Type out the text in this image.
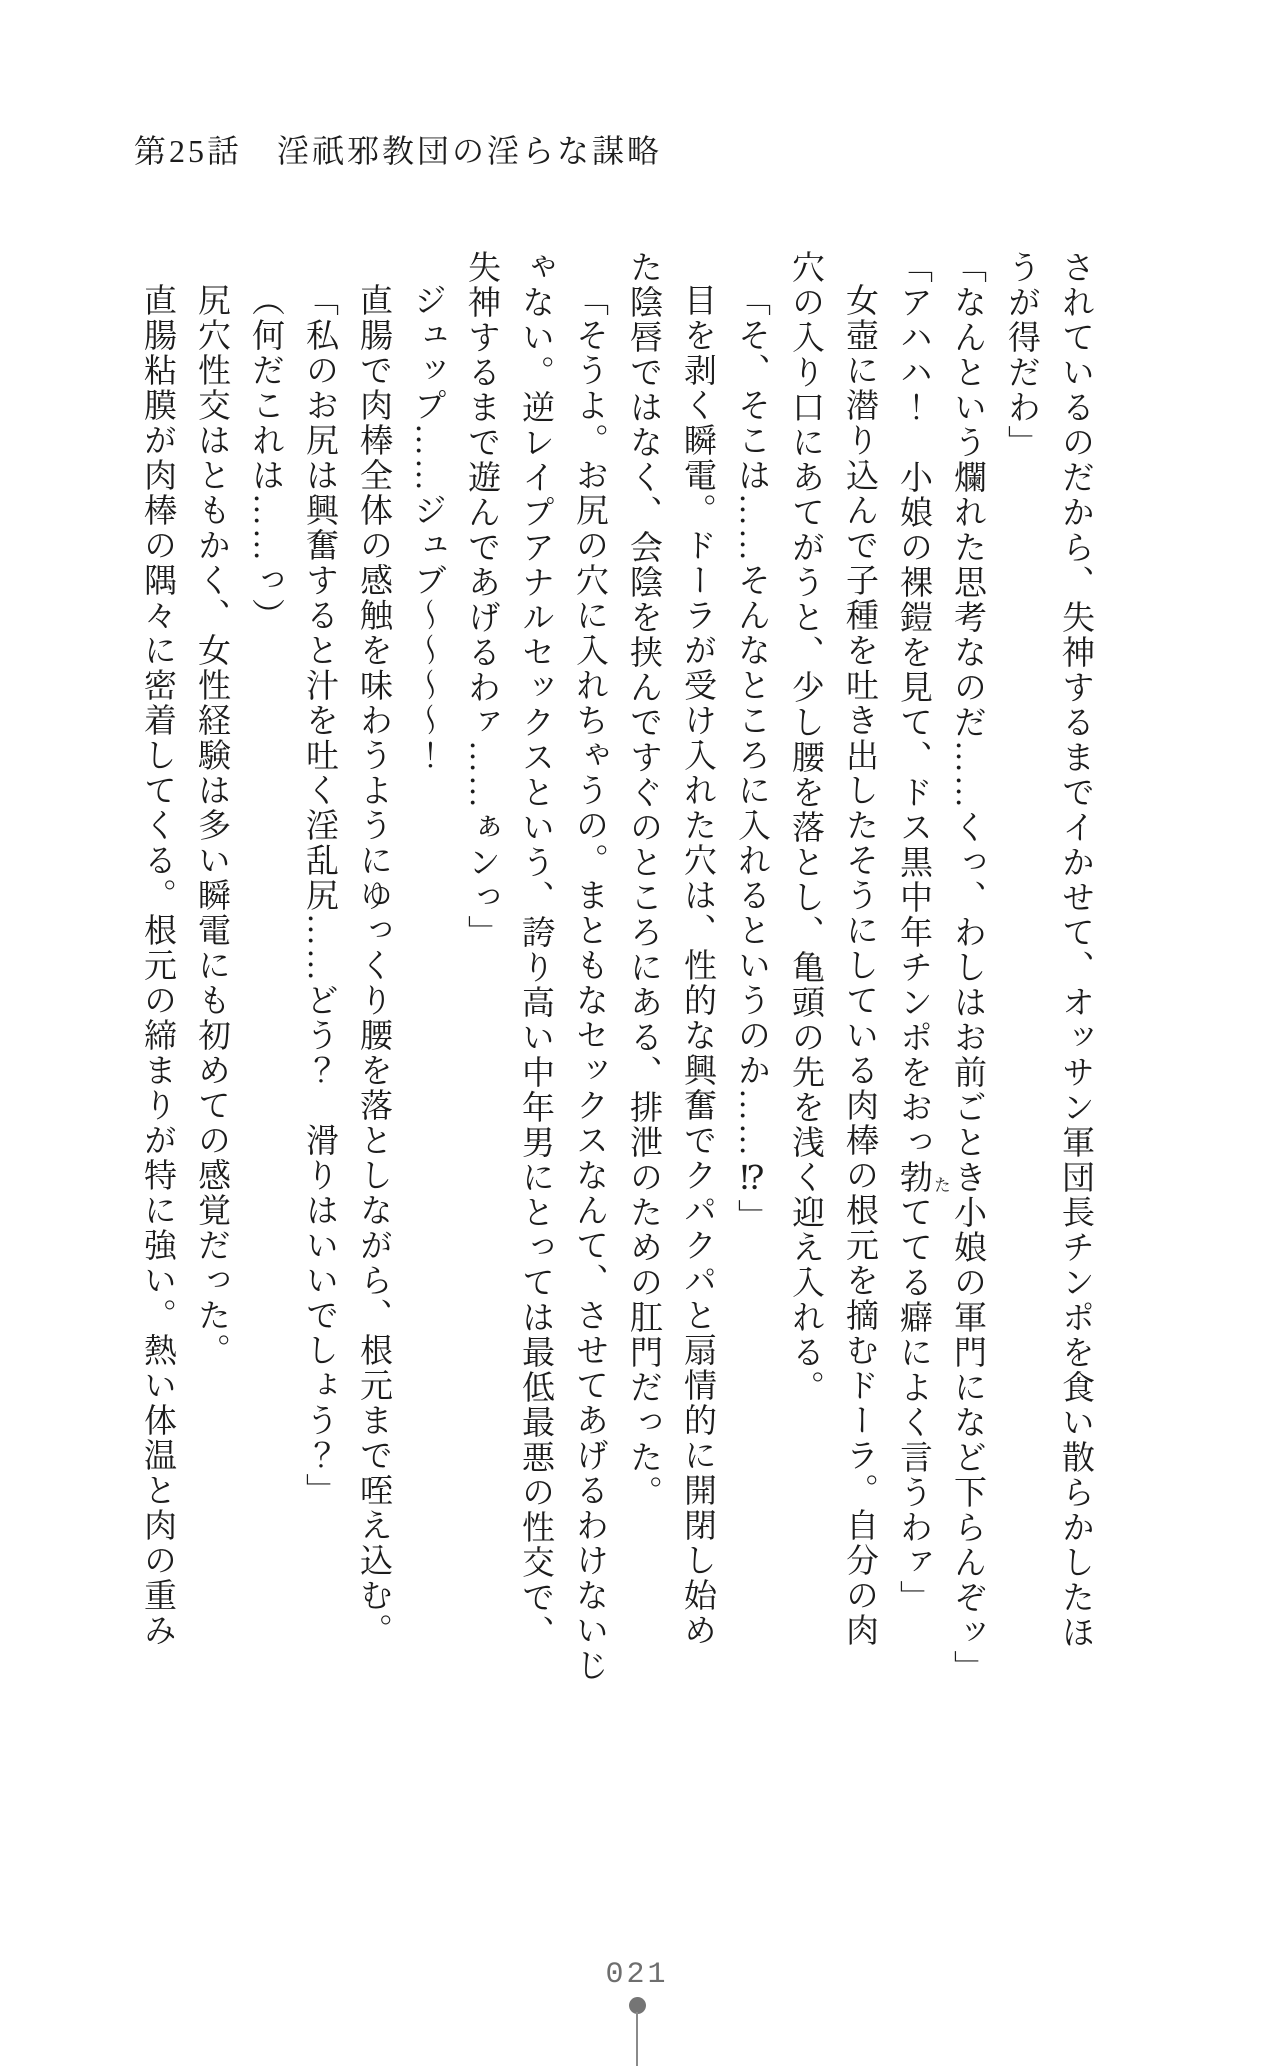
第25話　淫祇邪教団の淫らな謀略

されているのだから、失神するまでイかせて、オッサン軍団長チンポを食い散らかしたほ

うが得だわ」

「なんという爛れた思考なのだ……くっ、わしはお前ごとき小娘の軍門になど下らんぞッ」

「アハハ！　小娘の裸鎧を見て、ドス黒中年チンポをおっ勃ててる癖によく言うわァ」

女壺に潜り込んで子種を吐き出したそうにしている肉棒の根元を摘むドーラ。自分の肉

穴の入り口にあてがうと、少し腰を落とし、亀頭の先を浅く迎え入れる。

「そ、そこは……そんなところに入れるというのか……⁉」

目を剥く瞬電。ドーラが受け入れた穴は、性的な興奮でクパクパと扇情的に開閉し始め

た陰唇ではなく、会陰を挟んですぐのところにある、排泄のための肛門だった。

「そうよ。お尻の穴に入れちゃうの。まともなセックスなんて、させてあげるわけないじ

ゃない。逆レイプアナルセックスという、誇り高い中年男にとっては最低最悪の性交で、

失神するまで遊んであげるわァ……ぁンっ」

ジュップ……ジュブ～～～～！

直腸で肉棒全体の感触を味わうようにゆっくり腰を落としながら、根元まで咥え込む。

「私のお尻は興奮すると汁を吐く淫乱尻……どう？　滑りはいいでしょう？」

（何だこれは……っ）

尻穴性交はともかく、女性経験は多い瞬電にも初めての感覚だった。

直腸粘膜が肉棒の隅々に密着してくる。根元の締まりが特に強い。熱い体温と肉の重み	た
021
